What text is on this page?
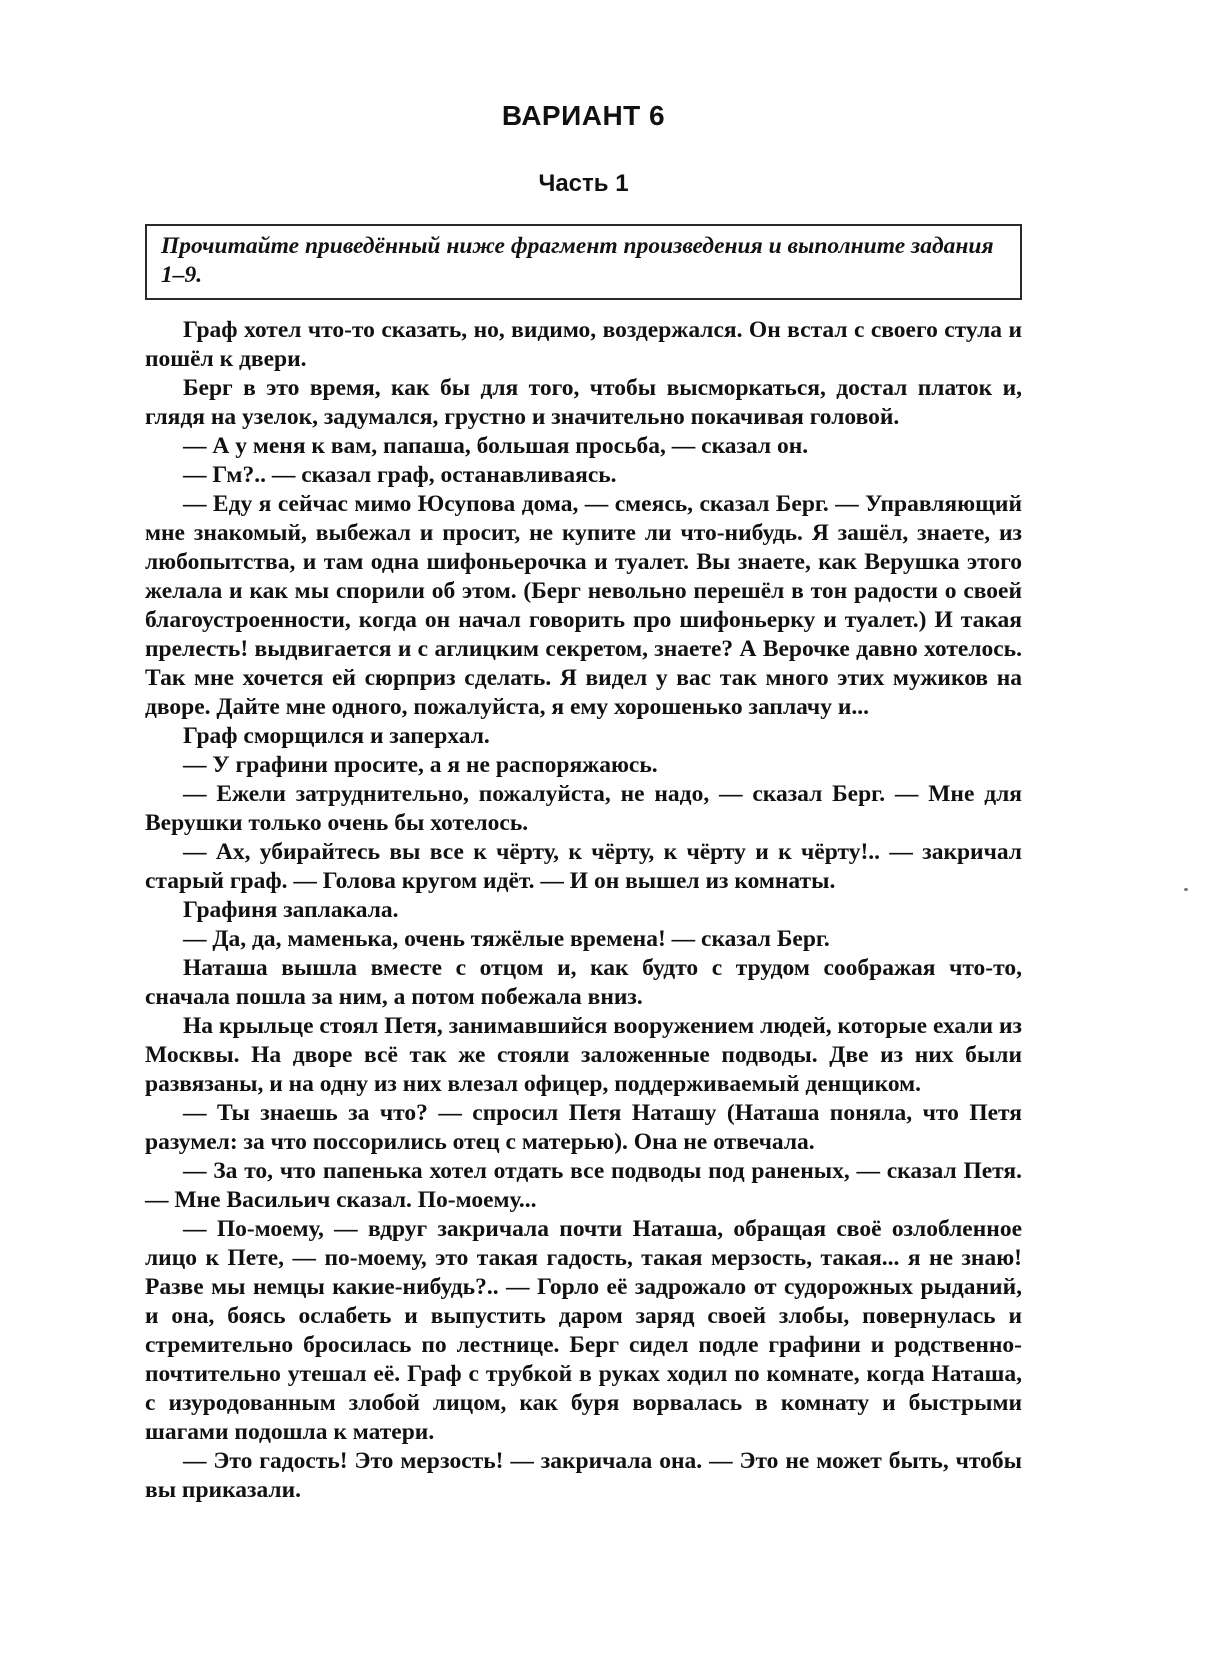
ВАРИАНТ 6
Часть 1

Прочитайте приведённый ниже фрагмент произведения и выполните задания 1–9.

Граф хотел что-то сказать, но, видимо, воздержался. Он встал с своего стула и пошёл к двери.

Берг в это время, как бы для того, чтобы высморкаться, достал платок и, глядя на узелок, задумался, грустно и значительно покачивая головой.

— А у меня к вам, папаша, большая просьба, — сказал он.

— Гм?.. — сказал граф, останавливаясь.

— Еду я сейчас мимо Юсупова дома, — смеясь, сказал Берг. — Управляющий мне знакомый, выбежал и просит, не купите ли что-нибудь. Я зашёл, знаете, из любопытства, и там одна шифоньерочка и туалет. Вы знаете, как Верушка этого желала и как мы спорили об этом. (Берг невольно перешёл в тон радости о своей благоустроенности, когда он начал говорить про шифоньерку и туалет.) И такая прелесть! выдвигается и с аглицким секретом, знаете? А Верочке давно хотелось. Так мне хочется ей сюрприз сделать. Я видел у вас так много этих мужиков на дворе. Дайте мне одного, пожалуйста, я ему хорошенько заплачу и...

Граф сморщился и заперхал.

— У графини просите, а я не распоряжаюсь.

— Ежели затруднительно, пожалуйста, не надо, — сказал Берг. — Мне для Верушки только очень бы хотелось.

— Ах, убирайтесь вы все к чёрту, к чёрту, к чёрту и к чёрту!.. — закричал старый граф. — Голова кругом идёт. — И он вышел из комнаты.

Графиня заплакала.

— Да, да, маменька, очень тяжёлые времена! — сказал Берг.

Наташа вышла вместе с отцом и, как будто с трудом соображая что-то, сначала пошла за ним, а потом побежала вниз.

На крыльце стоял Петя, занимавшийся вооружением людей, которые ехали из Москвы. На дворе всё так же стояли заложенные подводы. Две из них были развязаны, и на одну из них влезал офицер, поддерживаемый денщиком.

— Ты знаешь за что? — спросил Петя Наташу (Наташа поняла, что Петя разумел: за что поссорились отец с матерью). Она не отвечала.

— За то, что папенька хотел отдать все подводы под раненых, — сказал Петя. — Мне Васильич сказал. По-моему...

— По-моему, — вдруг закричала почти Наташа, обращая своё озлобленное лицо к Пете, — по-моему, это такая гадость, такая мерзость, такая... я не знаю! Разве мы немцы какие-нибудь?.. — Горло её задрожало от судорожных рыданий, и она, боясь ослабеть и выпустить даром заряд своей злобы, повернулась и стремительно бросилась по лестнице. Берг сидел подле графини и родственно-почтительно утешал её. Граф с трубкой в руках ходил по комнате, когда Наташа, с изуродованным злобой лицом, как буря ворвалась в комнату и быстрыми шагами подошла к матери.

— Это гадость! Это мерзость! — закричала она. — Это не может быть, чтобы вы приказали.
